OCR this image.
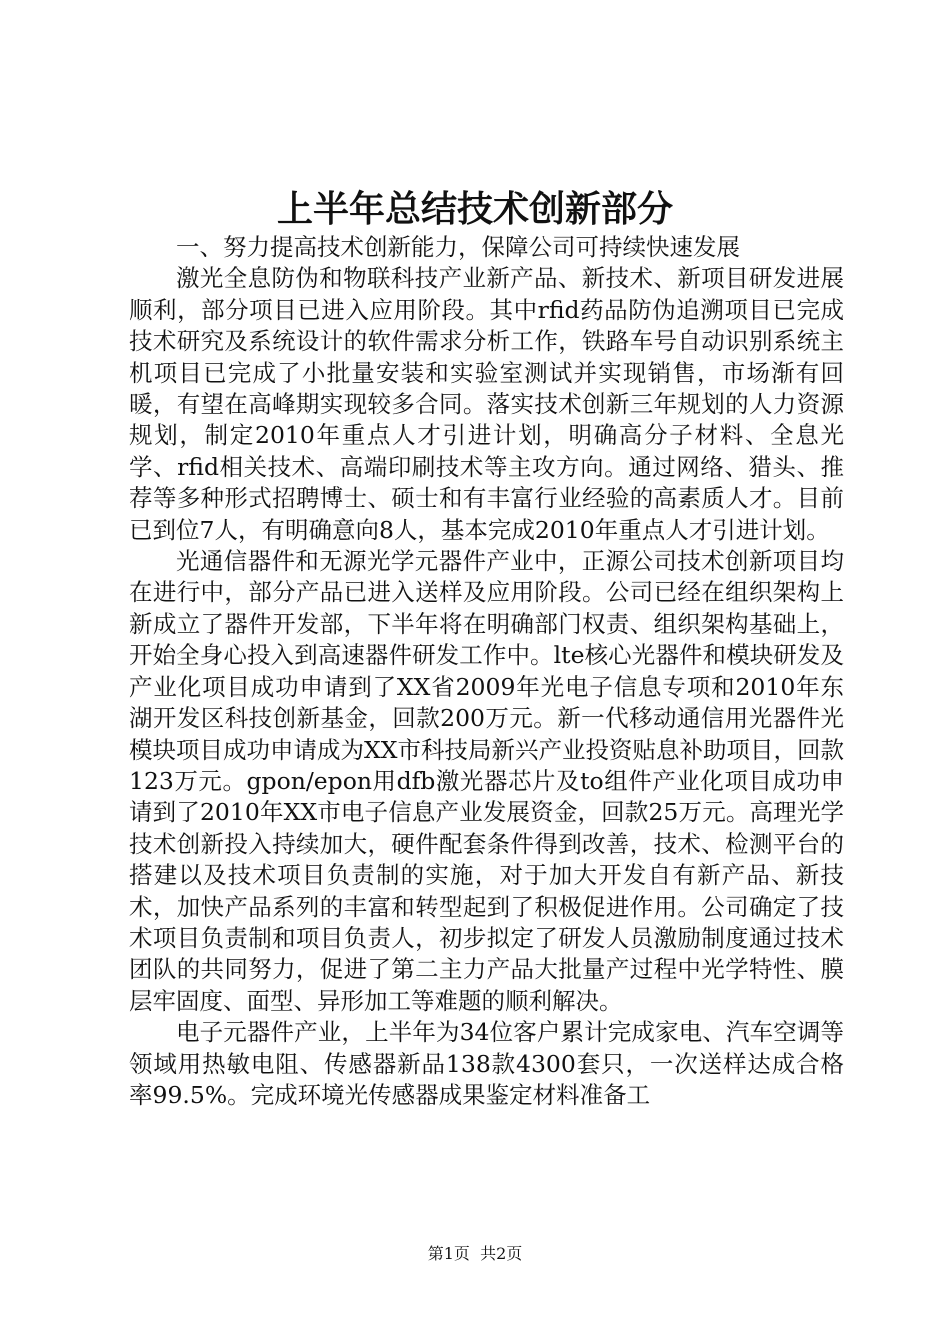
上半年总结技术创新部分

一、努力提高技术创新能力，保障公司可持续快速发展

激光全息防伪和物联科技产业新产品、新技术、新项目研发进展顺利，部分项目已进入应用阶段。其中rfid药品防伪追溯项目已完成技术研究及系统设计的软件需求分析工作，铁路车号自动识别系统主机项目已完成了小批量安装和实验室测试并实现销售，市场渐有回暖，有望在高峰期实现较多合同。落实技术创新三年规划的人力资源规划，制定2010年重点人才引进计划，明确高分子材料、全息光学、rfid相关技术、高端印刷技术等主攻方向。通过网络、猎头、推荐等多种形式招聘博士、硕士和有丰富行业经验的高素质人才。目前已到位7人，有明确意向8人，基本完成2010年重点人才引进计划。

光通信器件和无源光学元器件产业中，正源公司技术创新项目均在进行中，部分产品已进入送样及应用阶段。公司已经在组织架构上新成立了器件开发部，下半年将在明确部门权责、组织架构基础上，开始全身心投入到高速器件研发工作中。lte核心光器件和模块研发及产业化项目成功申请到了XX省2009年光电子信息专项和2010年东湖开发区科技创新基金，回款200万元。新一代移动通信用光器件光模块项目成功申请成为XX市科技局新兴产业投资贴息补助项目，回款123万元。gpon/epon用dfb激光器芯片及to组件产业化项目成功申请到了2010年XX市电子信息产业发展资金，回款25万元。高理光学技术创新投入持续加大，硬件配套条件得到改善，技术、检测平台的搭建以及技术项目负责制的实施，对于加大开发自有新产品、新技术，加快产品系列的丰富和转型起到了积极促进作用。公司确定了技术项目负责制和项目负责人，初步拟定了研发人员激励制度通过技术团队的共同努力，促进了第二主力产品大批量产过程中光学特性、膜层牢固度、面型、异形加工等难题的顺利解决。

电子元器件产业，上半年为34位客户累计完成家电、汽车空调等领域用热敏电阻、传感器新品138款4300套只，一次送样达成合格率99.5%。完成环境光传感器成果鉴定材料准备工

第1页 共2页
